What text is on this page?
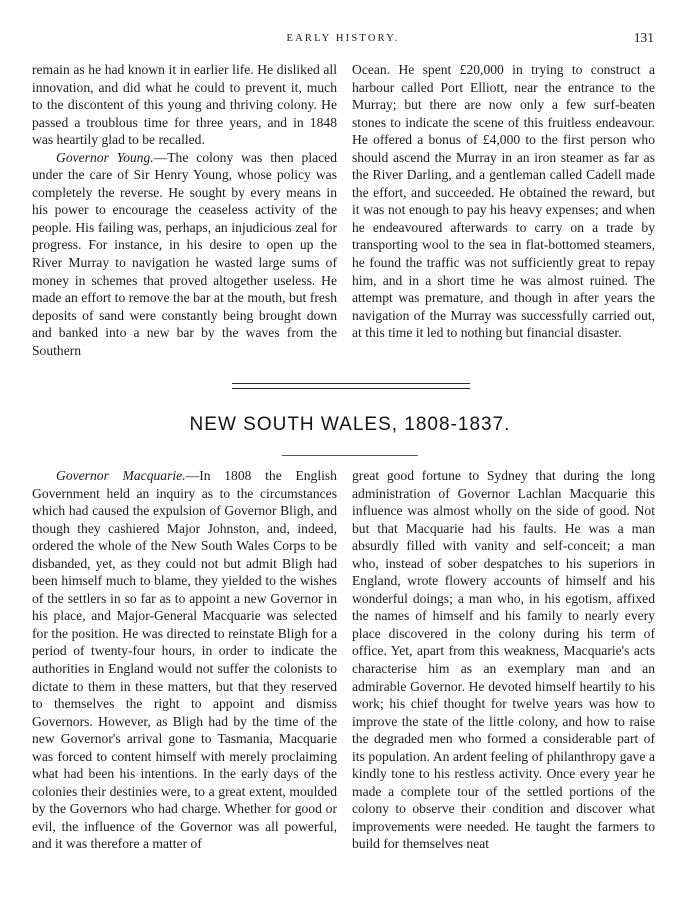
EARLY HISTORY.	131

remain as he had known it in earlier life. He disliked all innovation, and did what he could to prevent it, much to the discontent of this young and thriving colony. He passed a troublous time for three years, and in 1848 was heartily glad to be recalled.

Governor Young.—The colony was then placed under the care of Sir Henry Young, whose policy was completely the reverse. He sought by every means in his power to encourage the ceaseless activity of the people. His failing was, perhaps, an injudicious zeal for progress. For instance, in his desire to open up the River Murray to navigation he wasted large sums of money in schemes that proved altogether useless. He made an effort to remove the bar at the mouth, but fresh deposits of sand were constantly being brought down and banked into a new bar by the waves from the Southern

Ocean. He spent £20,000 in trying to construct a harbour called Port Elliott, near the entrance to the Murray; but there are now only a few surf-beaten stones to indicate the scene of this fruitless endeavour. He offered a bonus of £4,000 to the first person who should ascend the Murray in an iron steamer as far as the River Darling, and a gentleman called Cadell made the effort, and succeeded. He obtained the reward, but it was not enough to pay his heavy expenses; and when he endeavoured afterwards to carry on a trade by transporting wool to the sea in flat-bottomed steamers, he found the traffic was not sufficiently great to repay him, and in a short time he was almost ruined. The attempt was premature, and though in after years the navigation of the Murray was successfully carried out, at this time it led to nothing but financial disaster.

NEW SOUTH WALES, 1808-1837.

Governor Macquarie.—In 1808 the English Government held an inquiry as to the circumstances which had caused the expulsion of Governor Bligh, and though they cashiered Major Johnston, and, indeed, ordered the whole of the New South Wales Corps to be disbanded, yet, as they could not but admit Bligh had been himself much to blame, they yielded to the wishes of the settlers in so far as to appoint a new Governor in his place, and Major-General Macquarie was selected for the position. He was directed to reinstate Bligh for a period of twenty-four hours, in order to indicate the authorities in England would not suffer the colonists to dictate to them in these matters, but that they reserved to themselves the right to appoint and dismiss Governors. However, as Bligh had by the time of the new Governor's arrival gone to Tasmania, Macquarie was forced to content himself with merely proclaiming what had been his intentions. In the early days of the colonies their destinies were, to a great extent, moulded by the Governors who had charge. Whether for good or evil, the influence of the Governor was all powerful, and it was therefore a matter of

great good fortune to Sydney that during the long administration of Governor Lachlan Macquarie this influence was almost wholly on the side of good. Not but that Macquarie had his faults. He was a man absurdly filled with vanity and self-conceit; a man who, instead of sober despatches to his superiors in England, wrote flowery accounts of himself and his wonderful doings; a man who, in his egotism, affixed the names of himself and his family to nearly every place discovered in the colony during his term of office. Yet, apart from this weakness, Macquarie's acts characterise him as an exemplary man and an admirable Governor. He devoted himself heartily to his work; his chief thought for twelve years was how to improve the state of the little colony, and how to raise the degraded men who formed a considerable part of its population. An ardent feeling of philanthropy gave a kindly tone to his restless activity. Once every year he made a complete tour of the settled portions of the colony to observe their condition and discover what improvements were needed. He taught the farmers to build for themselves neat
